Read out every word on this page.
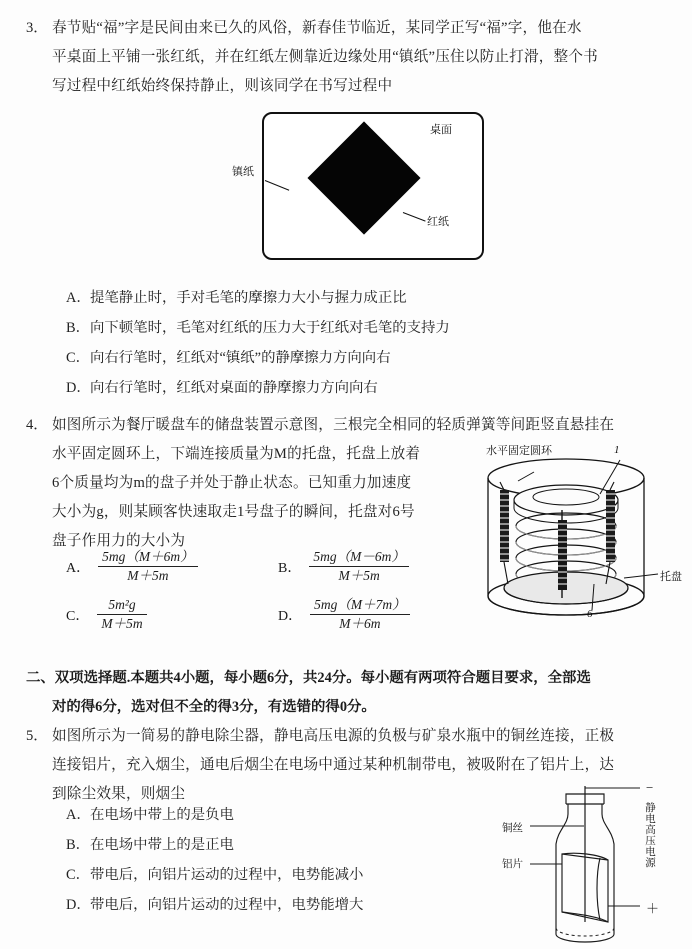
3． 春节贴“福”字是民间由来已久的风俗，新春佳节临近，某同学正写“福”字，他在水
平桌面上平铺一张红纸，并在红纸左侧靠近边缘处用“镇纸”压住以防止打滑，整个书
写过程中红纸始终保持静止，则该同学在书写过程中
桌面
镇纸
红纸
A．提笔静止时，手对毛笔的摩擦力大小与握力成正比
B．向下顿笔时，毛笔对红纸的压力大于红纸对毛笔的支持力
C．向右行笔时，红纸对“镇纸”的静摩擦力方向向右
D．向右行笔时，红纸对桌面的静摩擦力方向向右
4． 如图所示为餐厅暖盘车的储盘装置示意图，三根完全相同的轻质弹簧等间距竖直悬挂在
水平固定圆环上，下端连接质量为M的托盘，托盘上放着
6个质量均为m的盘子并处于静止状态。已知重力加速度
大小为g，则某顾客快速取走1号盘子的瞬间，托盘对6号
盘子作用力的大小为
水平固定圆环	1
托盘
6
A． $\frac{5mg(M+6m)}{M+5m}$	B． $\frac{5mg(M-6m)}{M+5m}$
C． $\frac{\text{5m²g}}{M+5m}$	D． $\frac{5mg(M+7m)}{M+6m}$
二、双项选择题.本题共4小题，每小题6分，共24分。每小题有两项符合题目要求，全部选
对的得6分，选对但不全的得3分，有选错的得0分。
5． 如图所示为一简易的静电除尘器，静电高压电源的负极与矿泉水瓶中的铜丝连接，正极
连接铝片，充入烟尘，通电后烟尘在电场中通过某种机制带电，被吸附在了铝片上，达
到除尘效果，则烟尘
A．在电场中带上的是负电
B．在电场中带上的是正电
C．带电后，向铝片运动的过程中，电势能减小
D．带电后，向铝片运动的过程中，电势能增大
铜丝
铝片
−
＋
静电高压电源
